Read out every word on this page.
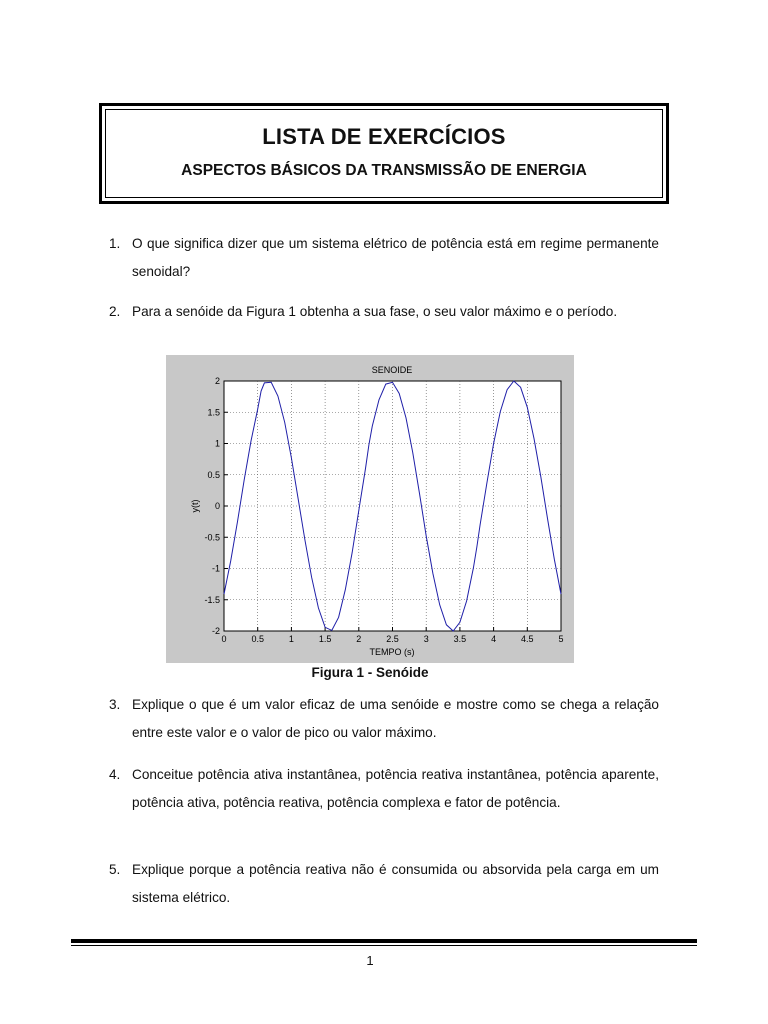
LISTA DE EXERCÍCIOS
ASPECTOS BÁSICOS DA TRANSMISSÃO DE ENERGIA
1. O que significa dizer que um sistema elétrico de potência está em regime permanente senoidal?
2. Para a senóide da Figura 1 obtenha a sua fase, o seu valor máximo e o período.
0	0.5	1	1.5	2	2.5	3	3.5	4	4.5	5
2
1.5
1
0.5
0
-0.5
-1
-1.5
-2
SENOIDE
TEMPO (s)
y(t)
Figura 1 - Senóide
3. Explique o que é um valor eficaz de uma senóide e mostre como se chega a relação entre este valor e o valor de pico ou valor máximo.
4. Conceitue potência ativa instantânea, potência reativa instantânea, potência aparente, potência ativa, potência reativa, potência complexa e fator de potência.
5. Explique porque a potência reativa não é consumida ou absorvida pela carga em um sistema elétrico.
1
